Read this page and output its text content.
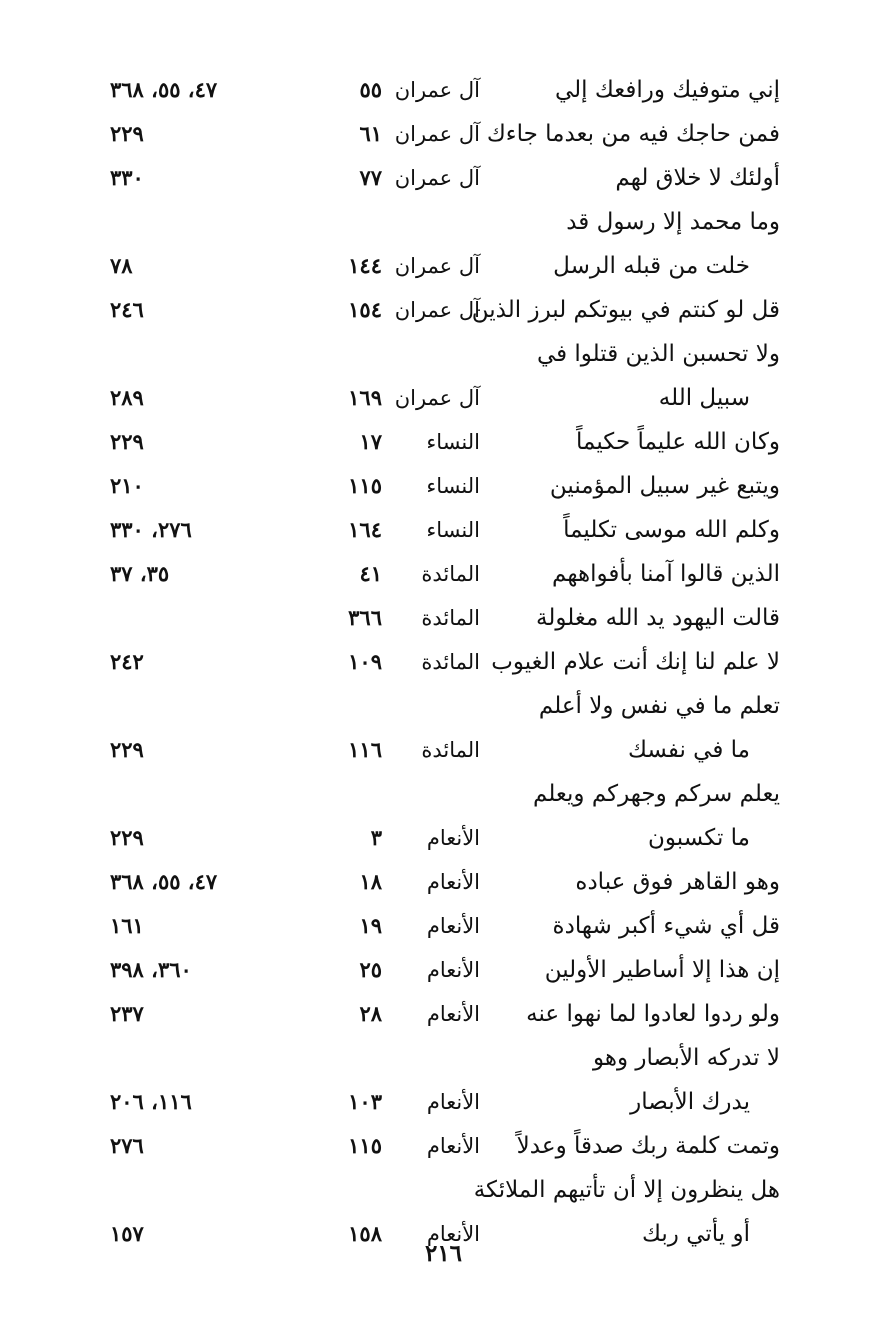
إني متوفيك ورافعك إلي
آل عمران
٥٥
٤٧، ٥٥، ٣٦٨
فمن حاجك فيه من بعدما جاءك
آل عمران
٦١
٢٢٩
أولئك لا خلاق لهم
آل عمران
٧٧
٣٣٠
وما محمد إلا رسول قد
خلت من قبله الرسل
آل عمران
١٤٤
٧٨
قل لو كنتم في بيوتكم لبرز الذين
آل عمران
١٥٤
٢٤٦
ولا تحسبن الذين قتلوا في
سبيل الله
آل عمران
١٦٩
٢٨٩
وكان الله عليماً حكيماً
النساء
١٧
٢٢٩
ويتبع غير سبيل المؤمنين
النساء
١١٥
٢١٠
وكلم الله موسى تكليماً
النساء
١٦٤
٢٧٦، ٣٣٠
الذين قالوا آمنا بأفواههم
المائدة
٤١
٣٥، ٣٧
قالت اليهود يد الله مغلولة
المائدة
٣٦٦
لا علم لنا إنك أنت علام الغيوب
المائدة
١٠٩
٢٤٢
تعلم ما في نفس ولا أعلم
ما في نفسك
المائدة
١١٦
٢٢٩
يعلم سركم وجهركم ويعلم
ما تكسبون
الأنعام
٣
٢٢٩
وهو القاهر فوق عباده
الأنعام
١٨
٤٧، ٥٥، ٣٦٨
قل أي شيء أكبر شهادة
الأنعام
١٩
١٦١
إن هذا إلا أساطير الأولين
الأنعام
٢٥
٣٦٠، ٣٩٨
ولو ردوا لعادوا لما نهوا عنه
الأنعام
٢٨
٢٣٧
لا تدركه الأبصار وهو
يدرك الأبصار
الأنعام
١٠٣
١١٦، ٢٠٦
وتمت كلمة ربك صدقاً وعدلاً
الأنعام
١١٥
٢٧٦
هل ينظرون إلا أن تأتيهم الملائكة
أو يأتي ربك
الأنعام
١٥٨
١٥٧
٢١٦
